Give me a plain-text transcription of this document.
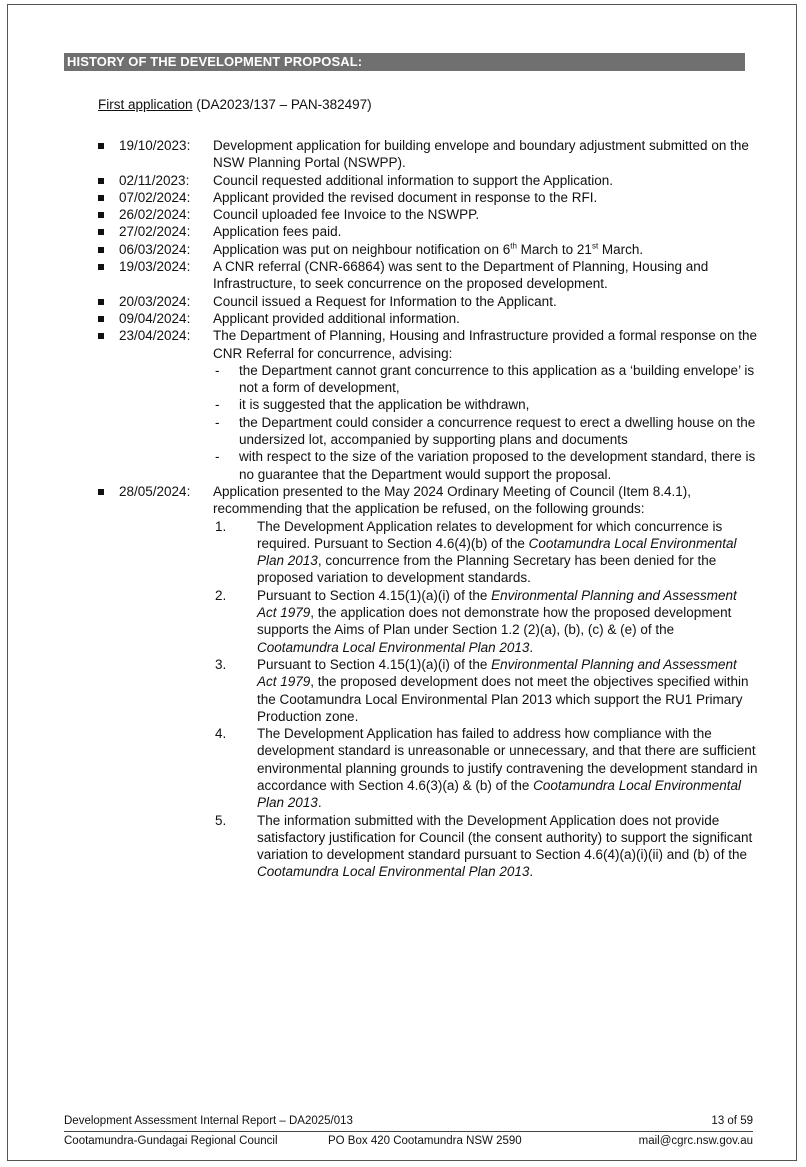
HISTORY OF THE DEVELOPMENT PROPOSAL:
First application (DA2023/137 – PAN-382497)
19/10/2023: Development application for building envelope and boundary adjustment submitted on the NSW Planning Portal (NSWPP).
02/11/2023: Council requested additional information to support the Application.
07/02/2024: Applicant provided the revised document in response to the RFI.
26/02/2024: Council uploaded fee Invoice to the NSWPP.
27/02/2024: Application fees paid.
06/03/2024: Application was put on neighbour notification on 6th March to 21st March.
19/03/2024: A CNR referral (CNR-66864) was sent to the Department of Planning, Housing and Infrastructure, to seek concurrence on the proposed development.
20/03/2024: Council issued a Request for Information to the Applicant.
09/04/2024: Applicant provided additional information.
23/04/2024: The Department of Planning, Housing and Infrastructure provided a formal response on the CNR Referral for concurrence, advising:
- the Department cannot grant concurrence to this application as a ‘building envelope’ is not a form of development,
- it is suggested that the application be withdrawn,
- the Department could consider a concurrence request to erect a dwelling house on the undersized lot, accompanied by supporting plans and documents
- with respect to the size of the variation proposed to the development standard, there is no guarantee that the Department would support the proposal.
28/05/2024: Application presented to the May 2024 Ordinary Meeting of Council (Item 8.4.1), recommending that the application be refused, on the following grounds:
1. The Development Application relates to development for which concurrence is required. Pursuant to Section 4.6(4)(b) of the Cootamundra Local Environmental Plan 2013, concurrence from the Planning Secretary has been denied for the proposed variation to development standards.
2. Pursuant to Section 4.15(1)(a)(i) of the Environmental Planning and Assessment Act 1979, the application does not demonstrate how the proposed development supports the Aims of Plan under Section 1.2 (2)(a), (b), (c) & (e) of the Cootamundra Local Environmental Plan 2013.
3. Pursuant to Section 4.15(1)(a)(i) of the Environmental Planning and Assessment Act 1979, the proposed development does not meet the objectives specified within the Cootamundra Local Environmental Plan 2013 which support the RU1 Primary Production zone.
4. The Development Application has failed to address how compliance with the development standard is unreasonable or unnecessary, and that there are sufficient environmental planning grounds to justify contravening the development standard in accordance with Section 4.6(3)(a) & (b) of the Cootamundra Local Environmental Plan 2013.
5. The information submitted with the Development Application does not provide satisfactory justification for Council (the consent authority) to support the significant variation to development standard pursuant to Section 4.6(4)(a)(i)(ii) and (b) of the Cootamundra Local Environmental Plan 2013.
Development Assessment Internal Report – DA2025/013	13 of 59
Cootamundra-Gundagai Regional Council	PO Box 420 Cootamundra NSW 2590	mail@cgrc.nsw.gov.au
